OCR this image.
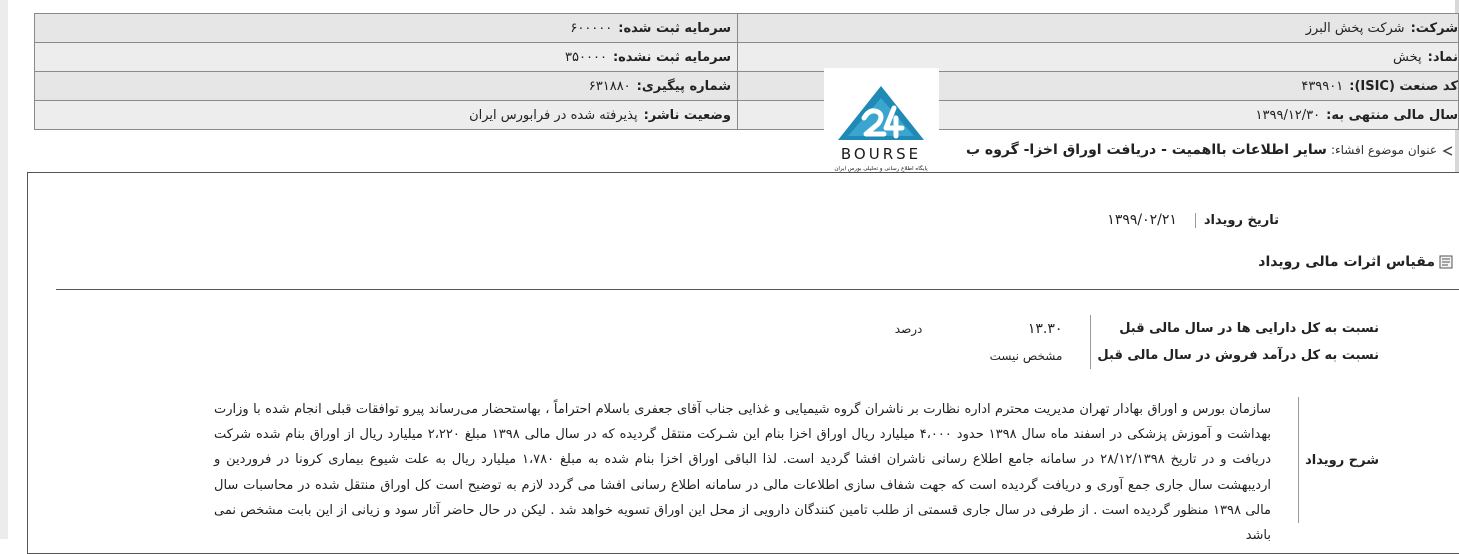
شرکت:شرکت پخش البرز	سرمایه ثبت شده:۶۰۰۰۰۰
نماد:پخش	سرمایه ثبت نشده:۳۵۰۰۰۰
کد صنعت (ISIC):۴۳۹۹۰۱	شماره پیگیری:۶۳۱۸۸۰
سال مالی منتهی به:۱۳۹۹/۱۲/۳۰	وضعیت ناشر:پذیرفته شده در فرابورس ایران
BOURSE
پایگاه اطلاع رسانی و تحلیلی بورس ایران
عنوان موضوع افشاء:سایر اطلاعات بااهمیت - دریافت اوراق اخزا- گروه ب
تاریخ رویداد۱۳۹۹/۰۲/۲۱
مقیاس اثرات مالی رویداد
نسبت به کل دارایی ها در سال مالی قبل	۱۳.۳۰	درصد
نسبت به کل درآمد فروش در سال مالی قبل	مشخص نیست	
شرح رویداد

سازمان بورس و اوراق بهادار تهران مدیریت محترم اداره نظارت بر ناشران گروه شیمیایی و غذایی جناب آقای جعفری باسلام احتراماً ، بهاستحضار می‌رساند پیرو توافقات قبلی انجام شده با وزارت بهداشت و آموزش پزشکی در اسفند ماه سال ۱۳۹۸ حدود ۴،۰۰۰ میلیارد ریال اوراق اخزا بنام این شـرکت منتقل گردیده که در سال مالی ۱۳۹۸ مبلغ ۲،۲۲۰ میلیارد ریال از اوراق بنام شده شرکت دریافت و در تاریخ ۲۸/۱۲/۱۳۹۸ در سامانه جامع اطلاع رسانی ناشران افشا گردید است. لذا الباقی اوراق اخزا بنام شده به مبلغ ۱،۷۸۰ میلیارد ریال به علت شیوع بیماری کرونا در فروردین و اردیبهشت سال جاری جمع آوری و دریافت گردیده است که جهت شفاف سازی اطلاعات مالی در سامانه اطلاع رسانی افشا می گردد لازم به توضیح است کل اوراق منتقل شده در محاسبات سال مالی ۱۳۹۸ منظور گردیده است . از طرفی در سال جاری قسمتی از طلب تامین کنندگان دارویی از محل این اوراق تسویه خواهد شد . لیکن در حال حاضر آثار سود و زیانی از این بابت مشخص نمی باشد
